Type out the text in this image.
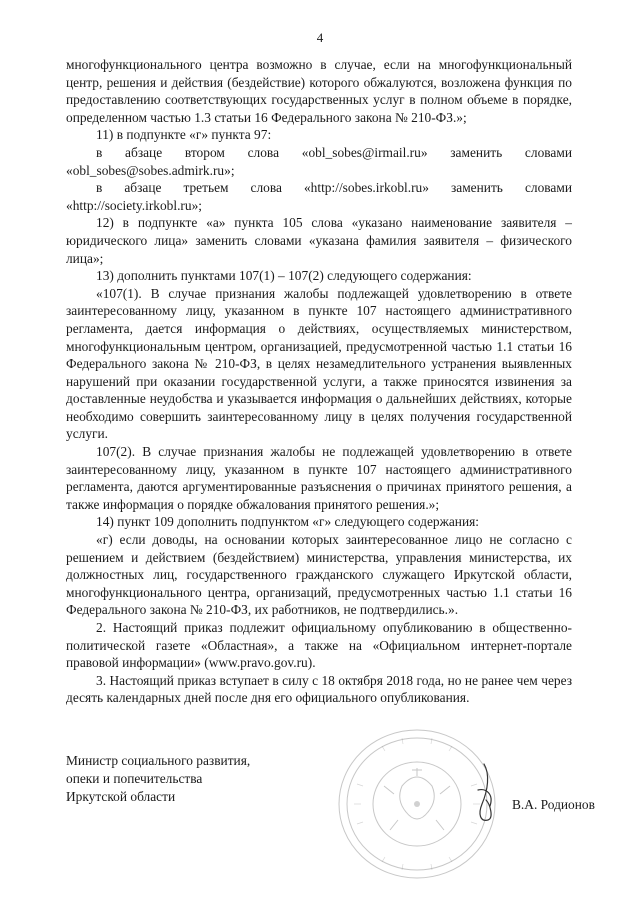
4

многофункционального центра возможно в случае, если на многофункциональный центр, решения и действия (бездействие) которого обжалуются, возложена функция по предоставлению соответствующих государственных услуг в полном объеме в порядке, определенном частью 1.3 статьи 16 Федерального закона № 210-ФЗ.»;

11) в подпункте «г» пункта 97:

в абзаце втором слова «obl_sobes@irmail.ru» заменить словами «obl_sobes@sobes.admirk.ru»;

в абзаце третьем слова «http://sobes.irkobl.ru» заменить словами «http://society.irkobl.ru»;

12) в подпункте «а» пункта 105 слова «указано наименование заявителя – юридического лица» заменить словами «указана фамилия заявителя – физического лица»;

13) дополнить пунктами 107(1) – 107(2) следующего содержания:

«107(1). В случае признания жалобы подлежащей удовлетворению в ответе заинтересованному лицу, указанном в пункте 107 настоящего административного регламента, дается информация о действиях, осуществляемых министерством, многофункциональным центром, организацией, предусмотренной частью 1.1 статьи 16 Федерального закона № 210-ФЗ, в целях незамедлительного устранения выявленных нарушений при оказании государственной услуги, а также приносятся извинения за доставленные неудобства и указывается информация о дальнейших действиях, которые необходимо совершить заинтересованному лицу в целях получения государственной услуги.

107(2). В случае признания жалобы не подлежащей удовлетворению в ответе заинтересованному лицу, указанном в пункте 107 настоящего административного регламента, даются аргументированные разъяснения о причинах принятого решения, а также информация о порядке обжалования принятого решения.»;

14) пункт 109 дополнить подпунктом «г» следующего содержания:

«г) если доводы, на основании которых заинтересованное лицо не согласно с решением и действием (бездействием) министерства, управления министерства, их должностных лиц, государственного гражданского служащего Иркутской области, многофункционального центра, организаций, предусмотренных частью 1.1 статьи 16 Федерального закона № 210-ФЗ, их работников, не подтвердились.».

2. Настоящий приказ подлежит официальному опубликованию в общественно-политической газете «Областная», а также на «Официальном интернет-портале правовой информации» (www.pravo.gov.ru).

3. Настоящий приказ вступает в силу с 18 октября 2018 года, но не ранее чем через десять календарных дней после дня его официального опубликования.

Министр социального развития,
опеки и попечительства
Иркутской области
В.А. Родионов
